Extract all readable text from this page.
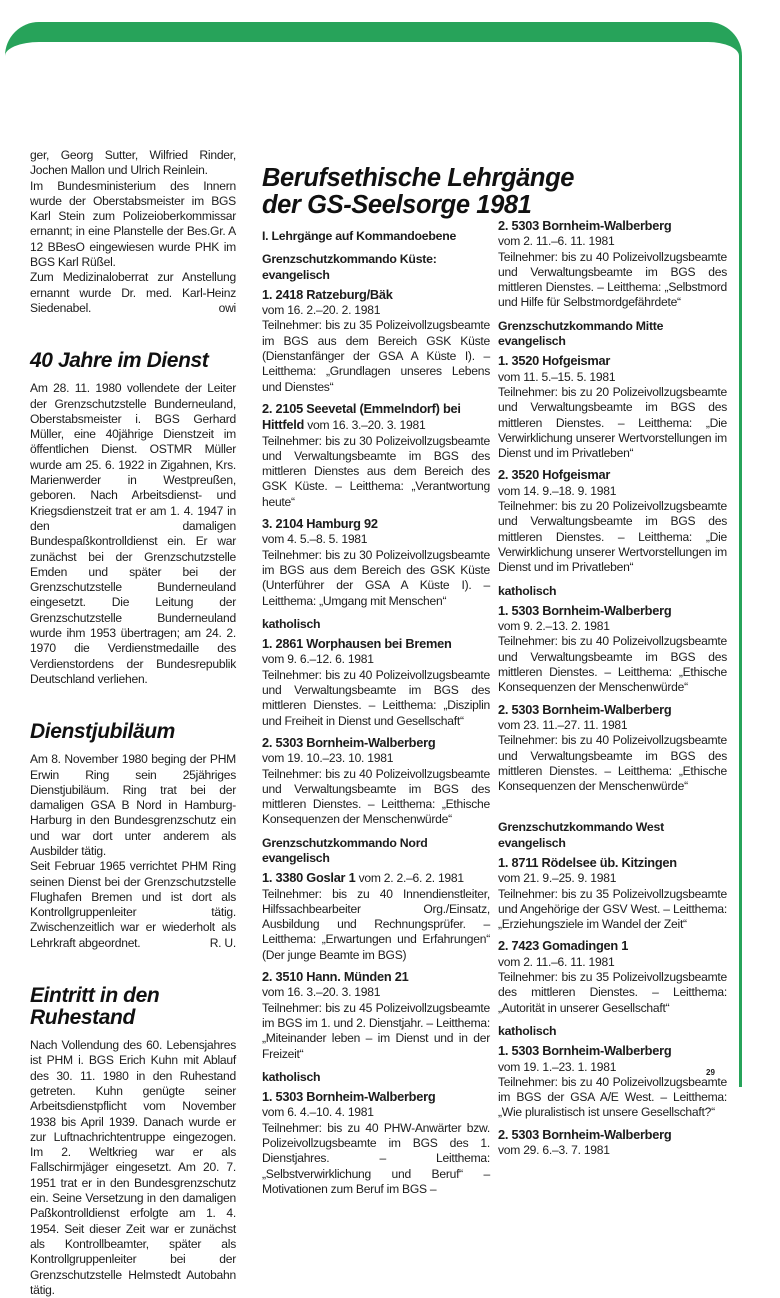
Berufsethische Lehrgänge
der GS-Seelsorge 1981

ger, Georg Sutter, Wilfried Rinder, Jochen Mallon und Ulrich Reinlein.

Im Bundesministerium des Innern wurde der Oberstabsmeister im BGS Karl Stein zum Polizeioberkommissar ernannt; in eine Planstelle der Bes.Gr. A 12 BBesO eingewiesen wurde PHK im BGS Karl Rüßel.

Zum Medizinaloberrat zur Anstellung ernannt wurde Dr. med. Karl-Heinz Siedenabel.	owi

40 Jahre im Dienst

Am 28. 11. 1980 vollendete der Leiter der Grenzschutzstelle Bunderneuland, Oberstabsmeister i. BGS Gerhard Müller, eine 40jährige Dienstzeit im öffentlichen Dienst. OSTMR Müller wurde am 25. 6. 1922 in Zigahnen, Krs. Marienwerder in Westpreußen, geboren. Nach Arbeitsdienst- und Kriegsdienstzeit trat er am 1. 4. 1947 in den damaligen Bundespaßkontrolldienst ein. Er war zunächst bei der Grenzschutzstelle Emden und später bei der Grenzschutzstelle Bunderneuland eingesetzt. Die Leitung der Grenzschutzstelle Bunderneuland wurde ihm 1953 übertragen; am 24. 2. 1970 die Verdienstmedaille des Verdienstordens der Bundesrepublik Deutschland verliehen.

Dienstjubiläum

Am 8. November 1980 beging der PHM Erwin Ring sein 25jähriges Dienstjubiläum. Ring trat bei der damaligen GSA B Nord in Hamburg-Harburg in den Bundesgrenzschutz ein und war dort unter anderem als Ausbilder tätig.

Seit Februar 1965 verrichtet PHM Ring seinen Dienst bei der Grenzschutzstelle Flughafen Bremen und ist dort als Kontrollgruppenleiter tätig. Zwischenzeitlich war er wiederholt als Lehrkraft abgeordnet.	R. U.

Eintritt in den Ruhestand

Nach Vollendung des 60. Lebensjahres ist PHM i. BGS Erich Kuhn mit Ablauf des 30. 11. 1980 in den Ruhestand getreten. Kuhn genügte seiner Arbeitsdienstpflicht vom November 1938 bis April 1939. Danach wurde er zur Luftnachrichtentruppe eingezogen. Im 2. Weltkrieg war er als Fallschirmjäger eingesetzt. Am 20. 7. 1951 trat er in den Bundesgrenzschutz ein. Seine Versetzung in den damaligen Paßkontrolldienst erfolgte am 1. 4. 1954. Seit dieser Zeit war er zunächst als Kontrollbeamter, später als Kontrollgruppenleiter bei der Grenzschutzstelle Helmstedt Autobahn tätig.

I. Lehrgänge auf Kommandoebene
Grenzschutzkommando Küste: evangelisch
1. 2418 Ratzeburg/Bäk
vom 16. 2.–20. 2. 1981

Teilnehmer: bis zu 35 Polizeivollzugsbeamte im BGS aus dem Bereich GSK Küste (Dienstanfänger der GSA A Küste I). – Leitthema: „Grundlagen unseres Lebens und Dienstes“

2. 2105 Seevetal (Emmelndorf) bei Hittfeld vom 16. 3.–20. 3. 1981

Teilnehmer: bis zu 30 Polizeivollzugsbeamte und Verwaltungsbeamte im BGS des mittleren Dienstes aus dem Bereich des GSK Küste. – Leitthema: „Verantwortung heute“

3. 2104 Hamburg 92
vom 4. 5.–8. 5. 1981

Teilnehmer: bis zu 30 Polizeivollzugsbeamte im BGS aus dem Bereich des GSK Küste (Unterführer der GSA A Küste I). – Leitthema: „Umgang mit Menschen“

katholisch
1. 2861 Worphausen bei Bremen
vom 9. 6.–12. 6. 1981

Teilnehmer: bis zu 40 Polizeivollzugsbeamte und Verwaltungsbeamte im BGS des mittleren Dienstes. – Leitthema: „Disziplin und Freiheit in Dienst und Gesellschaft“

2. 5303 Bornheim-Walberberg
vom 19. 10.–23. 10. 1981

Teilnehmer: bis zu 40 Polizeivollzugsbeamte und Verwaltungsbeamte im BGS des mittleren Dienstes. – Leitthema: „Ethische Konsequenzen der Menschenwürde“

Grenzschutzkommando Nord evangelisch
1. 3380 Goslar 1 vom 2. 2.–6. 2. 1981

Teilnehmer: bis zu 40 Innendienstleiter, Hilfssachbearbeiter Org./Einsatz, Ausbildung und Rechnungsprüfer. – Leitthema: „Erwartungen und Erfahrungen“ (Der junge Beamte im BGS)

2. 3510 Hann. Münden 21
vom 16. 3.–20. 3. 1981

Teilnehmer: bis zu 45 Polizeivollzugsbeamte im BGS im 1. und 2. Dienstjahr. – Leitthema: „Miteinander leben – im Dienst und in der Freizeit“

katholisch
1. 5303 Bornheim-Walberberg
vom 6. 4.–10. 4. 1981

Teilnehmer: bis zu 40 PHW-Anwärter bzw. Polizeivollzugsbeamte im BGS des 1. Dienstjahres. – Leitthema: „Selbstverwirklichung und Beruf“ – Motivationen zum Beruf im BGS –

2. 5303 Bornheim-Walberberg
vom 2. 11.–6. 11. 1981

Teilnehmer: bis zu 40 Polizeivollzugsbeamte und Verwaltungsbeamte im BGS des mittleren Dienstes. – Leitthema: „Selbstmord und Hilfe für Selbstmordgefährdete“

Grenzschutzkommando Mitte evangelisch
1. 3520 Hofgeismar
vom 11. 5.–15. 5. 1981

Teilnehmer: bis zu 20 Polizeivollzugsbeamte und Verwaltungsbeamte im BGS des mittleren Dienstes. – Leitthema: „Die Verwirklichung unserer Wertvorstellungen im Dienst und im Privatleben“

2. 3520 Hofgeismar
vom 14. 9.–18. 9. 1981

Teilnehmer: bis zu 20 Polizeivollzugsbeamte und Verwaltungsbeamte im BGS des mittleren Dienstes. – Leitthema: „Die Verwirklichung unserer Wertvorstellungen im Dienst und im Privatleben“

katholisch
1. 5303 Bornheim-Walberberg
vom 9. 2.–13. 2. 1981

Teilnehmer: bis zu 40 Polizeivollzugsbeamte und Verwaltungsbeamte im BGS des mittleren Dienstes. – Leitthema: „Ethische Konsequenzen der Menschenwürde“

2. 5303 Bornheim-Walberberg
vom 23. 11.–27. 11. 1981

Teilnehmer: bis zu 40 Polizeivollzugsbeamte und Verwaltungsbeamte im BGS des mittleren Dienstes. – Leitthema: „Ethische Konsequenzen der Menschenwürde“

Grenzschutzkommando West evangelisch
1. 8711 Rödelsee üb. Kitzingen
vom 21. 9.–25. 9. 1981

Teilnehmer: bis zu 35 Polizeivollzugsbeamte und Angehörige der GSV West. – Leitthema: „Erziehungsziele im Wandel der Zeit“

2. 7423 Gomadingen 1
vom 2. 11.–6. 11. 1981

Teilnehmer: bis zu 35 Polizeivollzugsbeamte des mittleren Dienstes. – Leitthema: „Autorität in unserer Gesellschaft“

katholisch
1. 5303 Bornheim-Walberberg
vom 19. 1.–23. 1. 1981

Teilnehmer: bis zu 40 Polizeivollzugsbeamte im BGS der GSA A/E West. – Leitthema: „Wie pluralistisch ist unsere Gesellschaft?“

2. 5303 Bornheim-Walberberg
vom 29. 6.–3. 7. 1981
29
